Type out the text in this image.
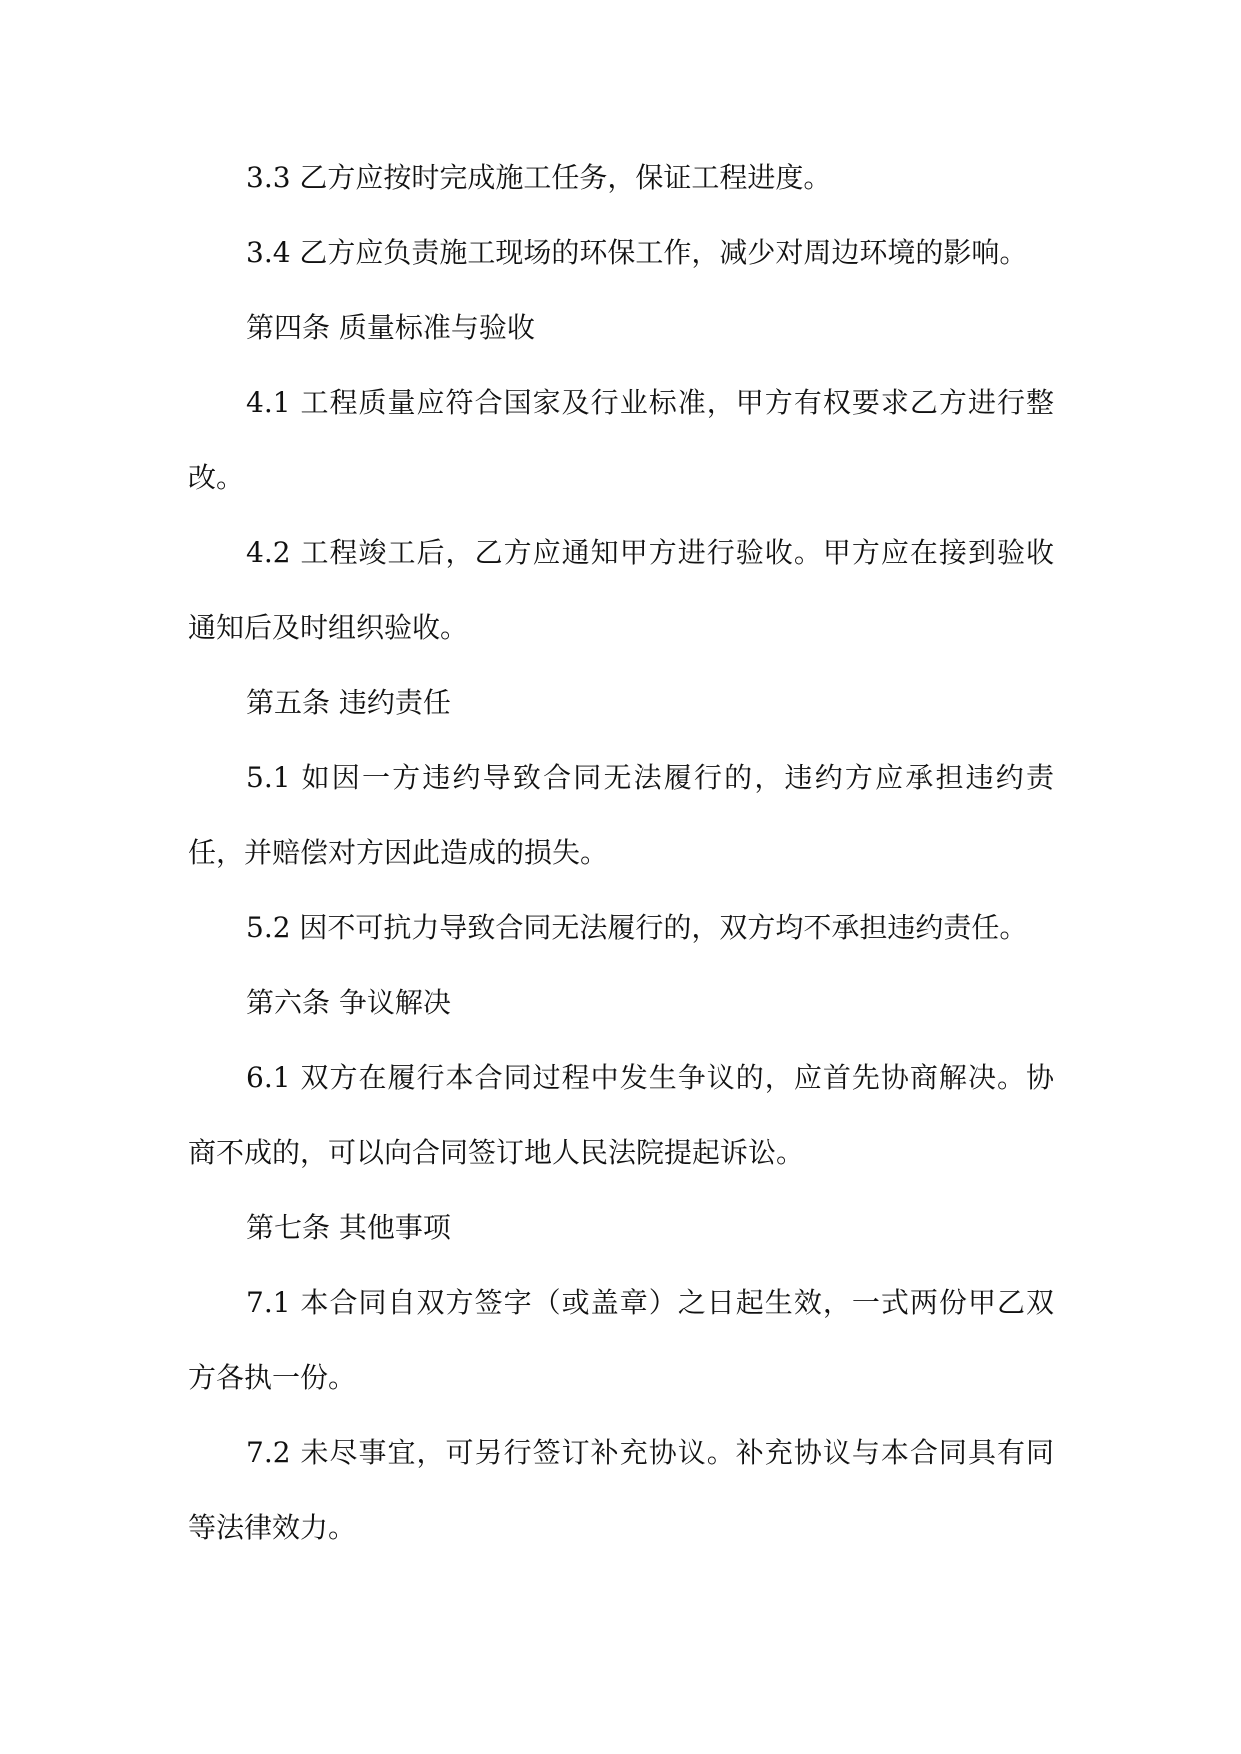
3.3 乙方应按时完成施工任务，保证工程进度。

3.4 乙方应负责施工现场的环保工作，减少对周边环境的影响。

第四条 质量标准与验收

4.1 工程质量应符合国家及行业标准，甲方有权要求乙方进行整改。

4.2 工程竣工后，乙方应通知甲方进行验收。甲方应在接到验收通知后及时组织验收。

第五条 违约责任

5.1 如因一方违约导致合同无法履行的，违约方应承担违约责任，并赔偿对方因此造成的损失。

5.2 因不可抗力导致合同无法履行的，双方均不承担违约责任。

第六条 争议解决

6.1 双方在履行本合同过程中发生争议的，应首先协商解决。协商不成的，可以向合同签订地人民法院提起诉讼。

第七条 其他事项

7.1 本合同自双方签字（或盖章）之日起生效，一式两份甲乙双方各执一份。

7.2 未尽事宜，可另行签订补充协议。补充协议与本合同具有同等法律效力。
